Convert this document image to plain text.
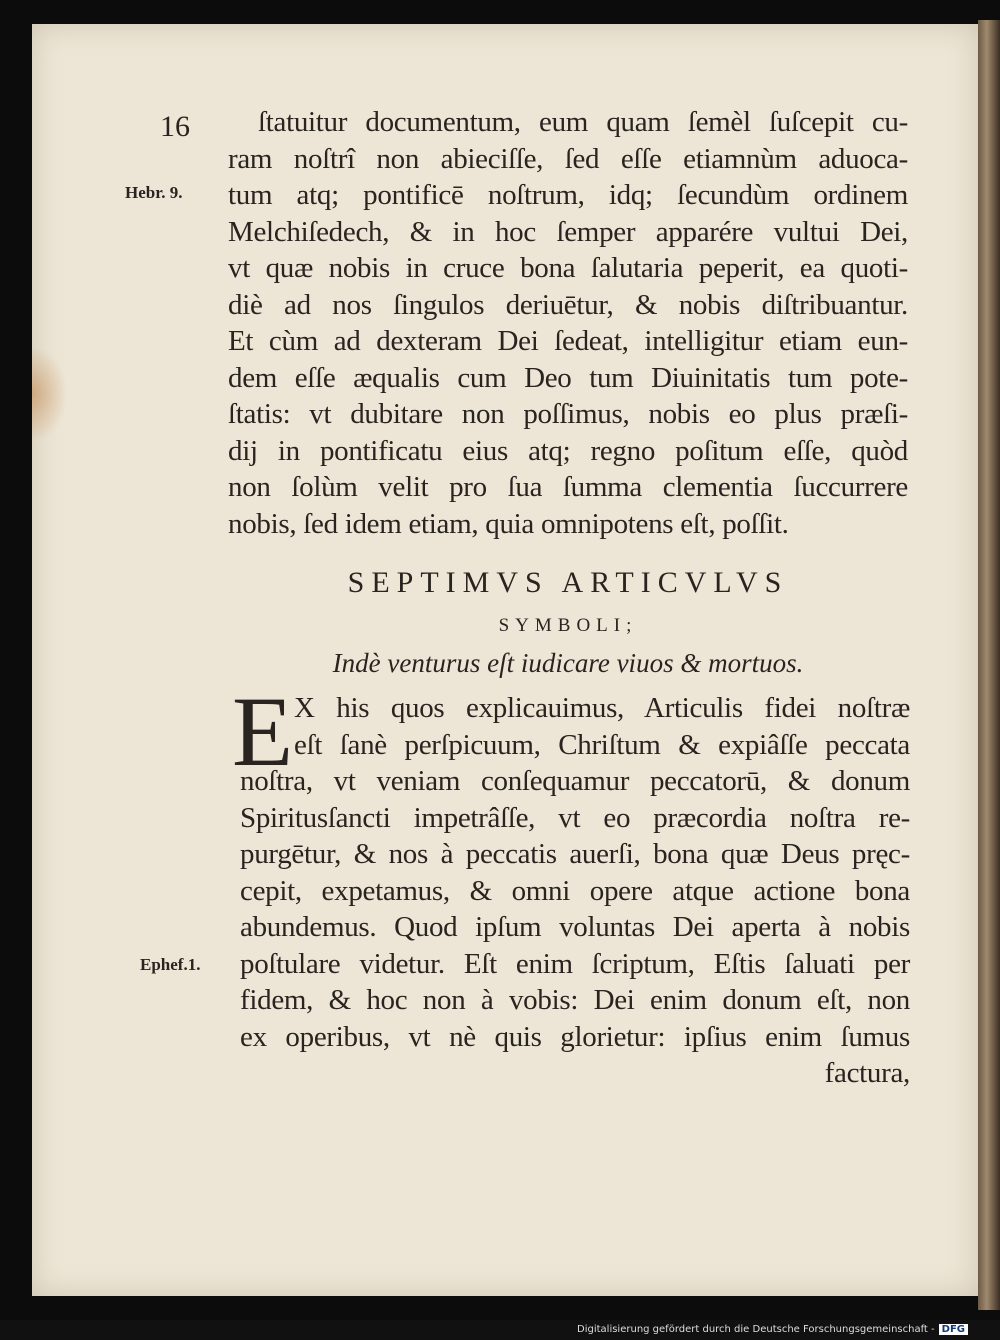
16
Hebr. 9.
Ephef.1.
ſtatuitur documentum, eum quam ſemèl ſuſcepit cu-
ram noſtrî non abieciſſe, ſed eſſe etiamnùm aduoca-
tum atq; pontificē noſtrum, idq; ſecundùm ordinem
Melchiſedech, & in hoc ſemper apparére vultui Dei,
vt quæ nobis in cruce bona ſalutaria peperit, ea quoti-
diè ad nos ſingulos deriuētur, & nobis diſtribuantur.
Et cùm ad dexteram Dei ſedeat, intelligitur etiam eun-
dem eſſe æqualis cum Deo tum Diuinitatis tum pote-
ſtatis: vt dubitare non poſſimus, nobis eo plus præſi-
dij in pontificatu eius atq; regno poſitum eſſe, quòd
non ſolùm velit pro ſua ſumma clementia ſuccurrere
nobis, ſed idem etiam, quia omnipotens eſt, poſſit.
SEPTIMVS ARTICVLVS
SYMBOLI;
Indè venturus eſt iudicare viuos & mortuos.
E X his quos explicauimus, Articulis fidei noſtræ
eſt ſanè perſpicuum, Chriſtum & expiâſſe peccata
noſtra, vt veniam conſequamur peccatorū, & donum
Spiritusſancti impetrâſſe, vt eo præcordia noſtra re-
purgētur, & nos à peccatis auerſi, bona quæ Deus pręc-
cepit, expetamus, & omni opere atque actione bona
abundemus. Quod ipſum voluntas Dei aperta à nobis
poſtulare videtur. Eſt enim ſcriptum, Eſtis ſaluati per
fidem, & hoc non à vobis: Dei enim donum eſt, non
ex operibus, vt nè quis glorietur: ipſius enim ſumus
factura,
Digitalisierung gefördert durch die Deutsche Forschungsgemeinschaft - DFG
